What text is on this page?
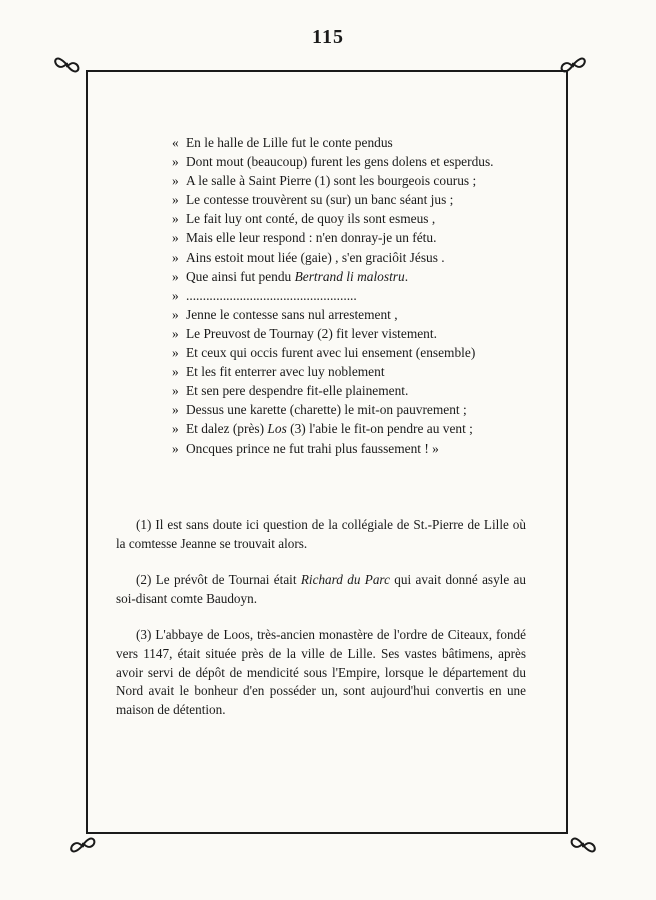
115
« En le halle de Lille fut le conte pendus
» Dont mout (beaucoup) furent les gens dolens et esperdus.
» A le salle à Saint Pierre (1) sont les bourgeois courus ;
» Le contesse trouvèrent su (sur) un banc séant jus ;
» Le fait luy ont conté, de quoy ils sont esmeus ,
» Mais elle leur respond : n'en donray-je un fétu.
» Ains estoit mout liée (gaie) , s'en graciôit Jésus .
» Que ainsi fut pendu Bertrand li malostru.
» ...................................................
» Jenne le contesse sans nul arrestement ,
» Le Preuvost de Tournay (2) fit lever vistement.
» Et ceux qui occis furent avec lui ensement (ensemble)
» Et les fit enterrer avec luy noblement
» Et sen pere despendre fit-elle plainement.
» Dessus une karette (charette) le mit-on pauvrement ;
» Et dalez (près) Los (3) l'abie le fit-on pendre au vent ;
» Oncques prince ne fut trahi plus faussement ! »

(1) Il est sans doute ici question de la collégiale de St.-Pierre de Lille où la comtesse Jeanne se trouvait alors.

(2) Le prévôt de Tournai était Richard du Parc qui avait donné asyle au soi-disant comte Baudoyn.

(3) L'abbaye de Loos, très-ancien monastère de l'ordre de Citeaux, fondé vers 1147, était située près de la ville de Lille. Ses vastes bâtimens, après avoir servi de dépôt de mendicité sous l'Empire, lorsque le département du Nord avait le bonheur d'en posséder un, sont aujourd'hui convertis en une maison de détention.
